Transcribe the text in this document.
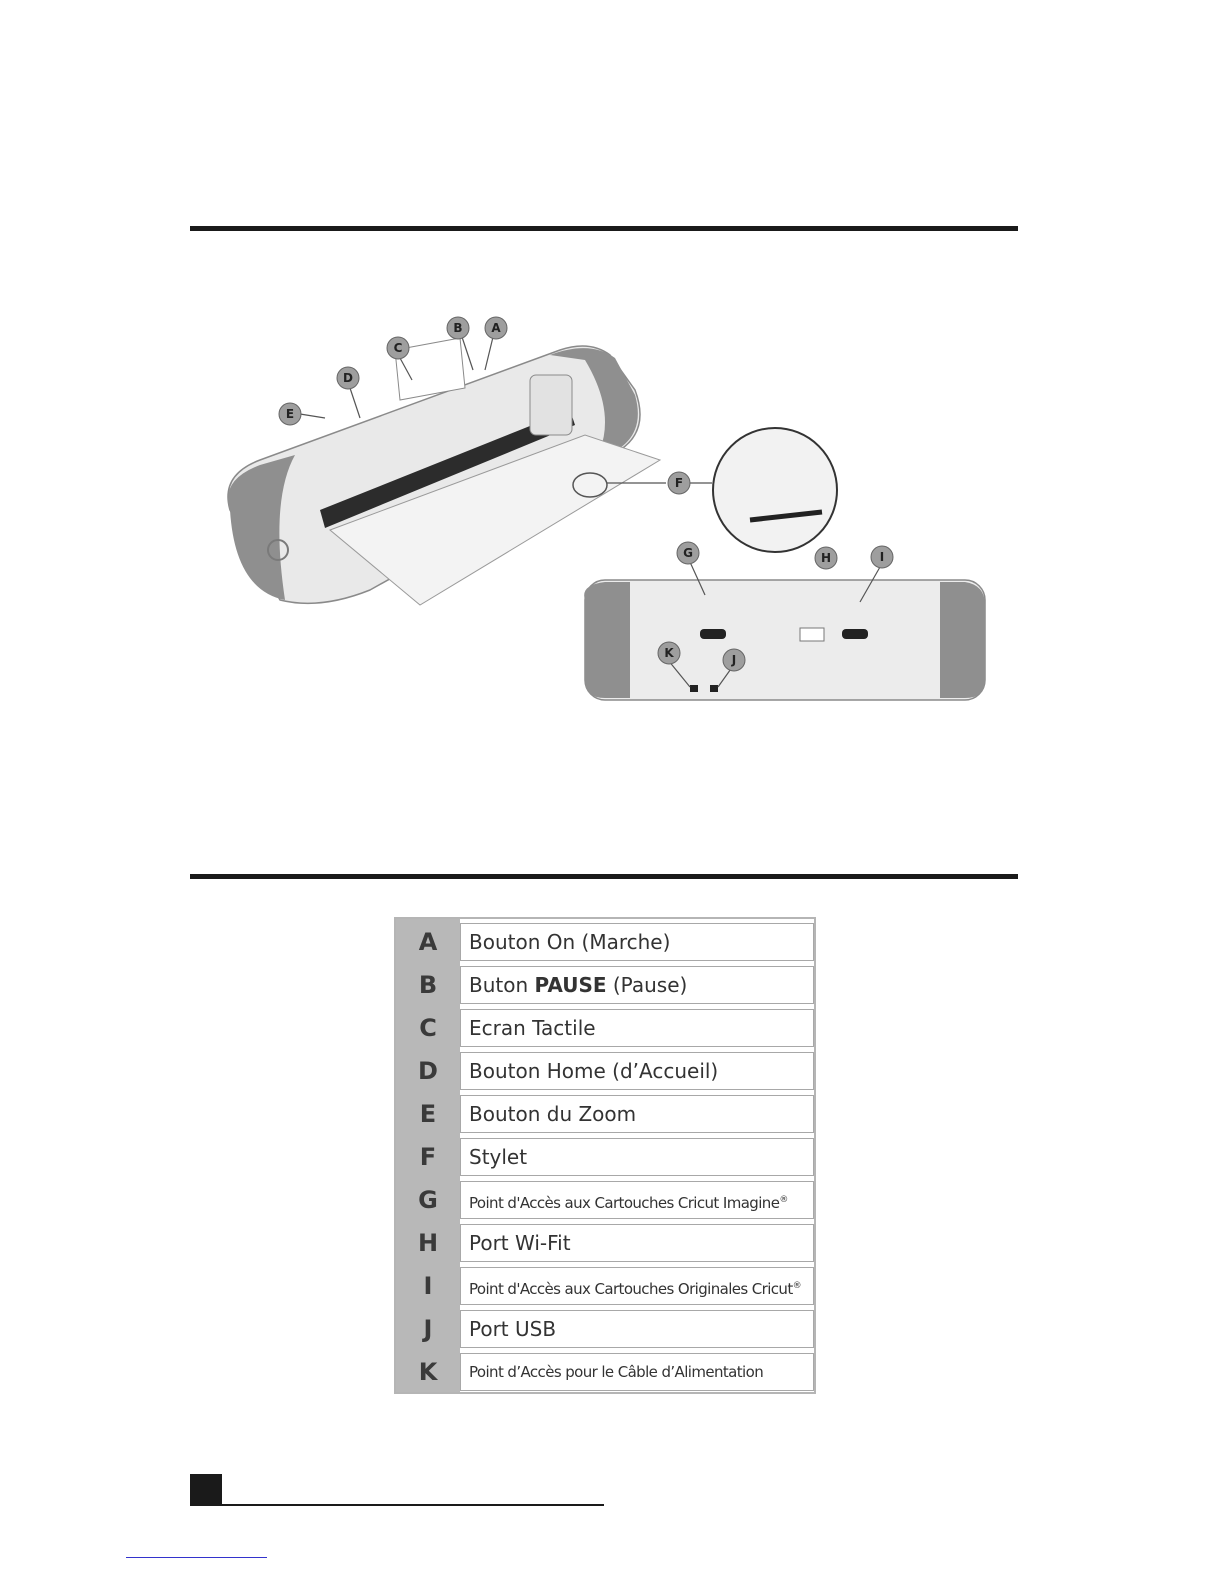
A
B
C
D
E
F
G	H	I
J
K
A	Bouton On (Marche)
B	Buton PAUSE (Pause)
C	Ecran Tactile
D	Bouton Home (d’Accueil)
E	Bouton du Zoom
F	Stylet
G	Point d'Accès aux Cartouches Cricut Imagine®
H	Port Wi-Fit
I	Point d'Accès aux Cartouches Originales Cricut®
J	Port USB
K	Point d’Accès pour le Câble d’Alimentation
